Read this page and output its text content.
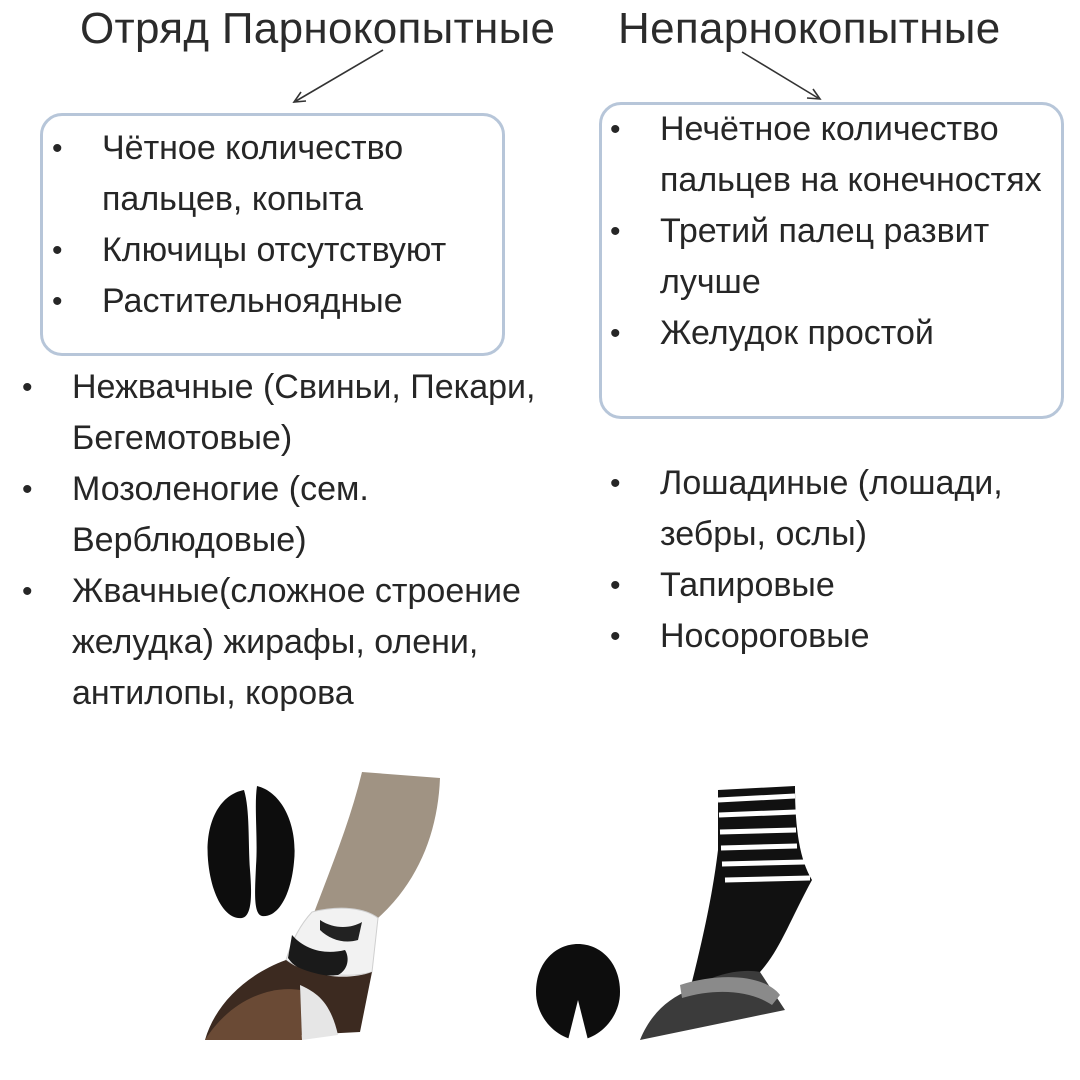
Отряд Парнокопытные Непарнокопытные
• Чётное количество пальцев, копыта
• Ключицы отсутствуют
• Растительноядные
• Нечётное количество пальцев на конечностях
• Третий палец развит лучше
• Желудок простой
• Нежвачные (Свиньи, Пекари, Бегемотовые)
• Мозоленогие (сем. Верблюдовые)
• Жвачные(сложное строение желудка) жирафы, олени, антилопы, корова
• Лошадиные (лошади, зебры, ослы)
• Тапировые
• Носороговые
